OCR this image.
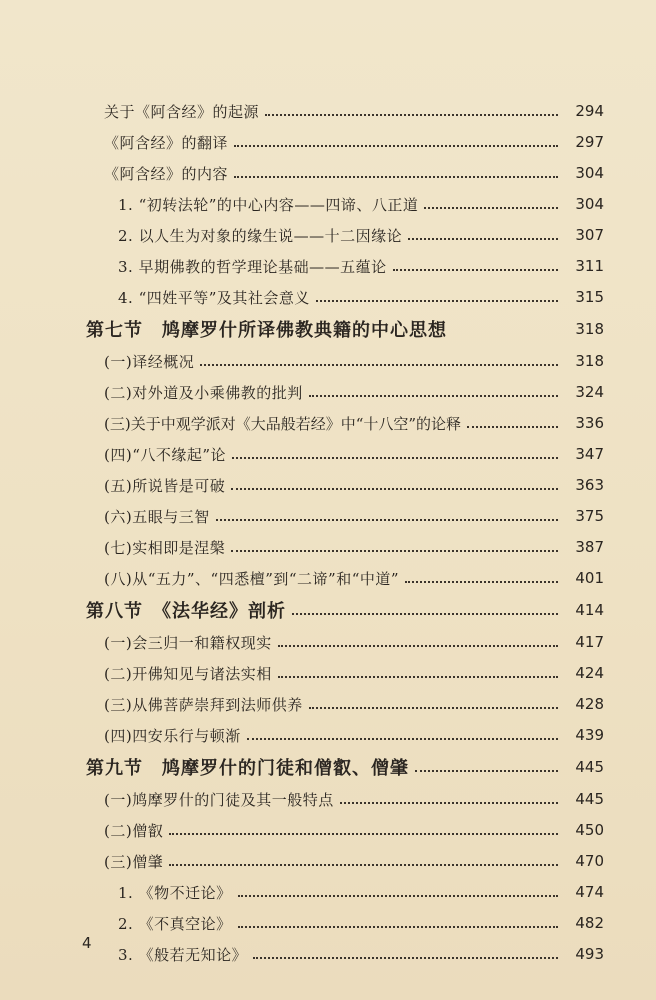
关于《阿含经》的起源	294
《阿含经》的翻译	297
《阿含经》的内容	304
1. “初转法轮”的中心内容——四谛、八正道	304
2. 以人生为对象的缘生说——十二因缘论	307
3. 早期佛教的哲学理论基础——五蕴论	311
4. “四姓平等”及其社会意义	315
第七节　鸠摩罗什所译佛教典籍的中心思想	318
(一)译经概况	318
(二)对外道及小乘佛教的批判	324
(三)关于中观学派对《大品般若经》中“十八空”的论释	336
(四)“八不缘起”论	347
(五)所说皆是可破	363
(六)五眼与三智	375
(七)实相即是涅槃	387
(八)从“五力”、“四悉檀”到“二谛”和“中道”	401
第八节　《法华经》剖析	414
(一)会三归一和籍权现实	417
(二)开佛知见与诸法实相	424
(三)从佛菩萨崇拜到法师供养	428
(四)四安乐行与顿渐	439
第九节　鸠摩罗什的门徒和僧叡、僧肇	445
(一)鸠摩罗什的门徒及其一般特点	445
(二)僧叡	450
(三)僧肇	470
1. 《物不迁论》	474
2. 《不真空论》	482
3. 《般若无知论》	493
4
